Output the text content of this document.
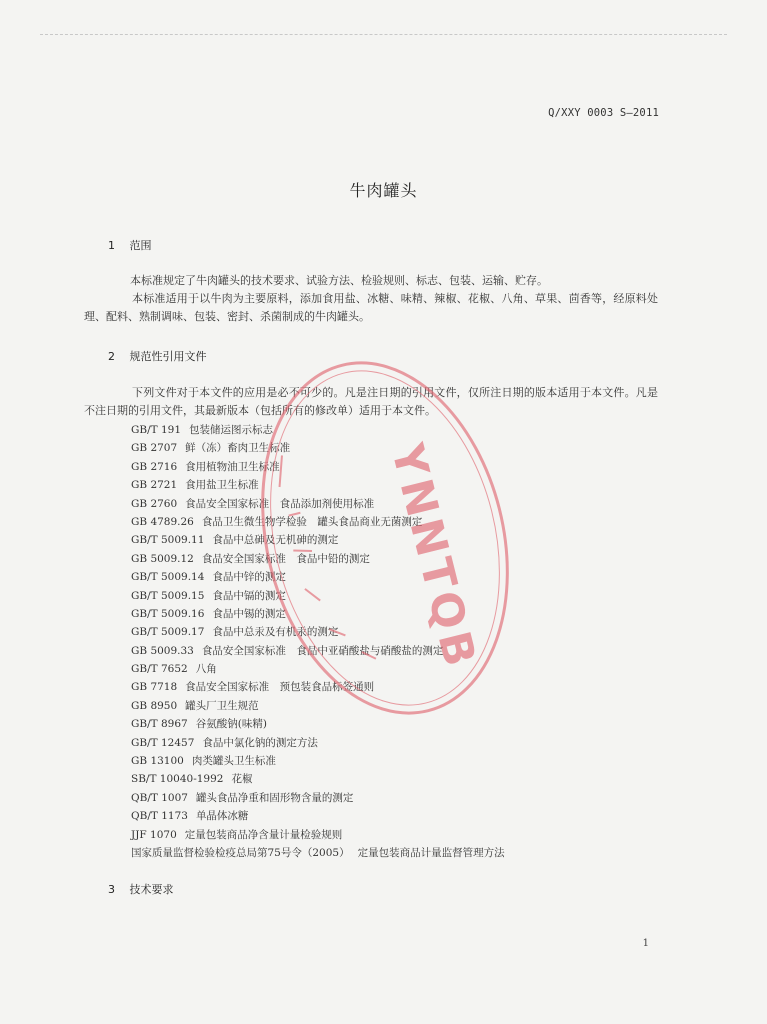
Q/XXY 0003 S—2011
牛肉罐头
1 范围
本标准规定了牛肉罐头的技术要求、试验方法、检验规则、标志、包装、运输、贮存。
本标准适用于以牛肉为主要原料，添加食用盐、冰糖、味精、辣椒、花椒、八角、草果、茴香等，经原料处理、配料、熟制调味、包装、密封、杀菌制成的牛肉罐头。
2 规范性引用文件
下列文件对于本文件的应用是必不可少的。凡是注日期的引用文件，仅所注日期的版本适用于本文件。凡是不注日期的引用文件，其最新版本（包括所有的修改单）适用于本文件。
GB/T 191 包装储运图示标志
GB 2707 鲜（冻）畜肉卫生标准
GB 2716 食用植物油卫生标准
GB 2721 食用盐卫生标准
GB 2760 食品安全国家标准　食品添加剂使用标准
GB 4789.26 食品卫生微生物学检验　罐头食品商业无菌测定
GB/T 5009.11 食品中总砷及无机砷的测定
GB 5009.12 食品安全国家标准　食品中铅的测定
GB/T 5009.14 食品中锌的测定
GB/T 5009.15 食品中镉的测定
GB/T 5009.16 食品中锡的测定
GB/T 5009.17 食品中总汞及有机汞的测定
GB 5009.33 食品安全国家标准　食品中亚硝酸盐与硝酸盐的测定
GB/T 7652 八角
GB 7718 食品安全国家标准　预包装食品标签通则
GB 8950 罐头厂卫生规范
GB/T 8967 谷氨酸钠(味精)
GB/T 12457 食品中氯化钠的测定方法
GB 13100 肉类罐头卫生标准
SB/T 10040-1992 花椒
QB/T 1007 罐头食品净重和固形物含量的测定
QB/T 1173 单晶体冰糖
JJF 1070 定量包装商品净含量计量检验规则
国家质量监督检验检疫总局第75号令（2005） 定量包装商品计量监督管理方法
3 技术要求
1
YNNTQB
